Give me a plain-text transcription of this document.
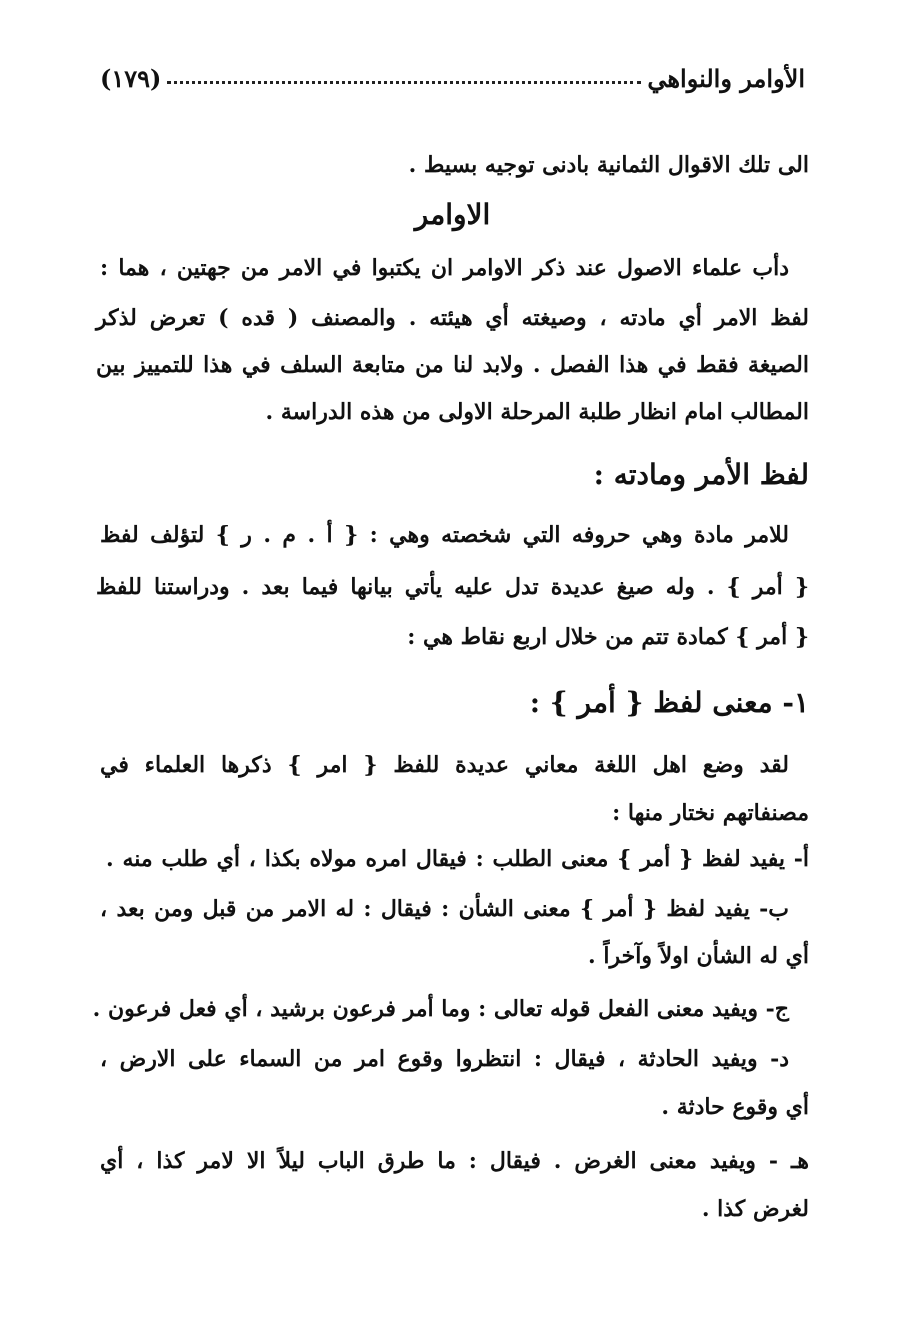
الأوامر والنواهي
(١٧٩)
الى تلك الاقوال الثمانية بادنى توجيه بسيط .
الاوامر
دأب علماء الاصول عند ذكر الاوامر ان يكتبوا في الامر من جهتين ، هما :
لفظ الامر أي مادته ، وصيغته أي هيئته . والمصنف ( قده ) تعرض لذكر
الصيغة فقط في هذا الفصل . ولابد لنا من متابعة السلف في هذا للتمييز بين
المطالب امام انظار طلبة المرحلة الاولى من هذه الدراسة .
لفظ الأمر ومادته :
للامر مادة وهي حروفه التي شخصته وهي : { أ . م . ر } لتؤلف لفظ
{ أمر } . وله صيغ عديدة تدل عليه يأتي بيانها فيما بعد . ودراستنا للفظ
{ أمر } كمادة تتم من خلال اربع نقاط هي :
١- معنى لفظ { أمر } :
لقد وضع اهل اللغة معاني عديدة للفظ { امر } ذكرها العلماء في
مصنفاتهم نختار منها :
أ- يفيد لفظ { أمر } معنى الطلب : فيقال امره مولاه بكذا ، أي طلب منه .
ب- يفيد لفظ { أمر } معنى الشأن : فيقال : له الامر من قبل ومن بعد ،
أي له الشأن اولاً وآخراً .
ج- ويفيد معنى الفعل قوله تعالى : وما أمر فرعون برشيد ، أي فعل فرعون .
د- ويفيد الحادثة ، فيقال : انتظروا وقوع امر من السماء على الارض ،
أي وقوع حادثة .
هـ - ويفيد معنى الغرض . فيقال : ما طرق الباب ليلاً الا لامر كذا ، أي
لغرض كذا .
